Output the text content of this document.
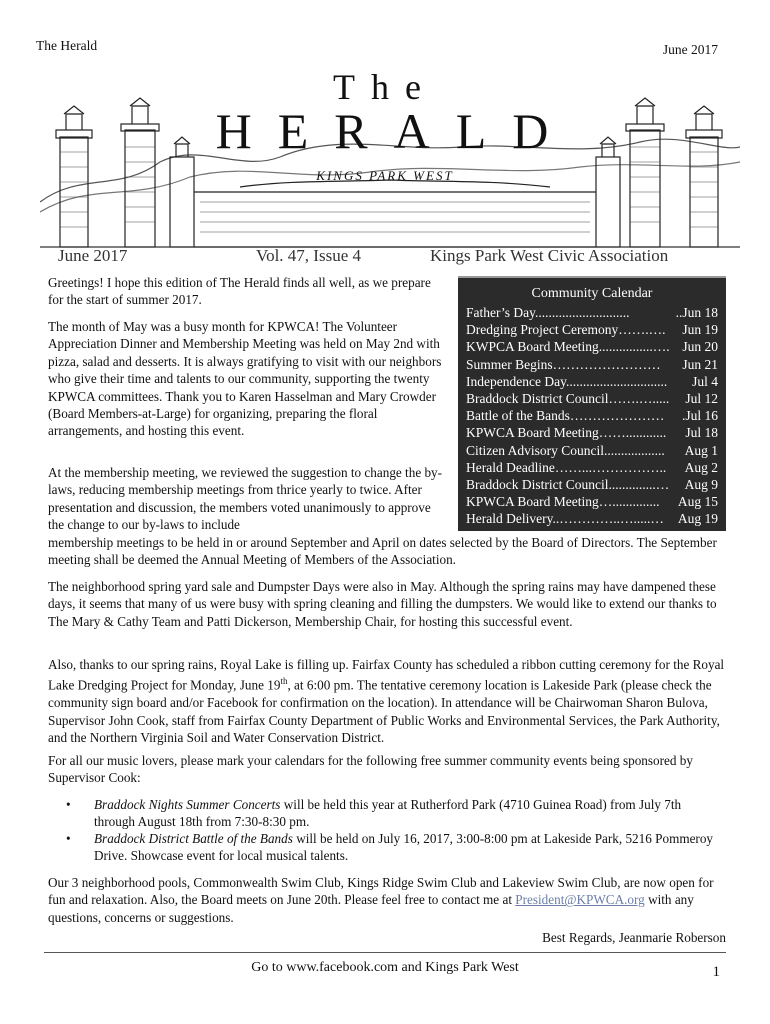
The Herald	June 2017
The
HERALD
KINGS PARK WEST
June 2017	Vol. 47, Issue 4	Kings Park West Civic Association
Community Calendar
Father’s Day............................	..Jun 18
Dredging Project Ceremony…….…. Jun 19
KWPCA Board Meeting................…. Jun 20
Summer Begins…………………… Jun 21
Independence Day.............................. Jul 4
Braddock District Council…….…..... Jul 12
Battle of the Bands………………… .Jul 16
KPWCA Board Meeting……............ Jul 18
Citizen Advisory Council.................. Aug 1
Herald Deadline……...…………….. Aug 2
Braddock District Council..............… Aug 9
KPWCA Board Meeting….............. Aug 15
Herald Delivery..…………..….....… Aug 19
Greetings! I hope this edition of The Herald finds all well, as we prepare for the start of summer 2017.
The month of May was a busy month for KPWCA! The Volunteer Appreciation Dinner and Membership Meeting was held on May 2nd with pizza, salad and desserts. It is always gratifying to visit with our neighbors who give their time and talents to our community, supporting the twenty KPWCA committees. Thank you to Karen Hasselman and Mary Crowder (Board Members-at-Large) for organizing, preparing the floral arrangements, and hosting this event.
At the membership meeting, we reviewed the suggestion to change the by-laws, reducing membership meetings from thrice yearly to twice. After presentation and discussion, the members voted unanimously to approve the change to our by-laws to include
membership meetings to be held in or around September and April on dates selected by the Board of Directors. The September meeting shall be deemed the Annual Meeting of Members of the Association.
The neighborhood spring yard sale and Dumpster Days were also in May. Although the spring rains may have dampened these days, it seems that many of us were busy with spring cleaning and filling the dumpsters. We would like to extend our thanks to The Mary & Cathy Team and Patti Dickerson, Membership Chair, for hosting this successful event.
Also, thanks to our spring rains, Royal Lake is filling up. Fairfax County has scheduled a ribbon cutting ceremony for the Royal Lake Dredging Project for Monday, June 19th, at 6:00 pm. The tentative ceremony location is Lakeside Park (please check the community sign board and/or Facebook for confirmation on the location). In attendance will be Chairwoman Sharon Bulova, Supervisor John Cook, staff from Fairfax County Department of Public Works and Environmental Services, the Park Authority, and the Northern Virginia Soil and Water Conservation District.
For all our music lovers, please mark your calendars for the following free summer community events being sponsored by Supervisor Cook:
• Braddock Nights Summer Concerts will be held this year at Rutherford Park (4710 Guinea Road) from July 7th through August 18th from 7:30-8:30 pm.
• Braddock District Battle of the Bands will be held on July 16, 2017, 3:00-8:00 pm at Lakeside Park, 5216 Pommeroy Drive. Showcase event for local musical talents.
Our 3 neighborhood pools, Commonwealth Swim Club, Kings Ridge Swim Club and Lakeview Swim Club, are now open for fun and relaxation. Also, the Board meets on June 20th. Please feel free to contact me at President@KPWCA.org with any questions, concerns or suggestions.
Best Regards, Jeanmarie Roberson
Go to www.facebook.com and Kings Park West	1
